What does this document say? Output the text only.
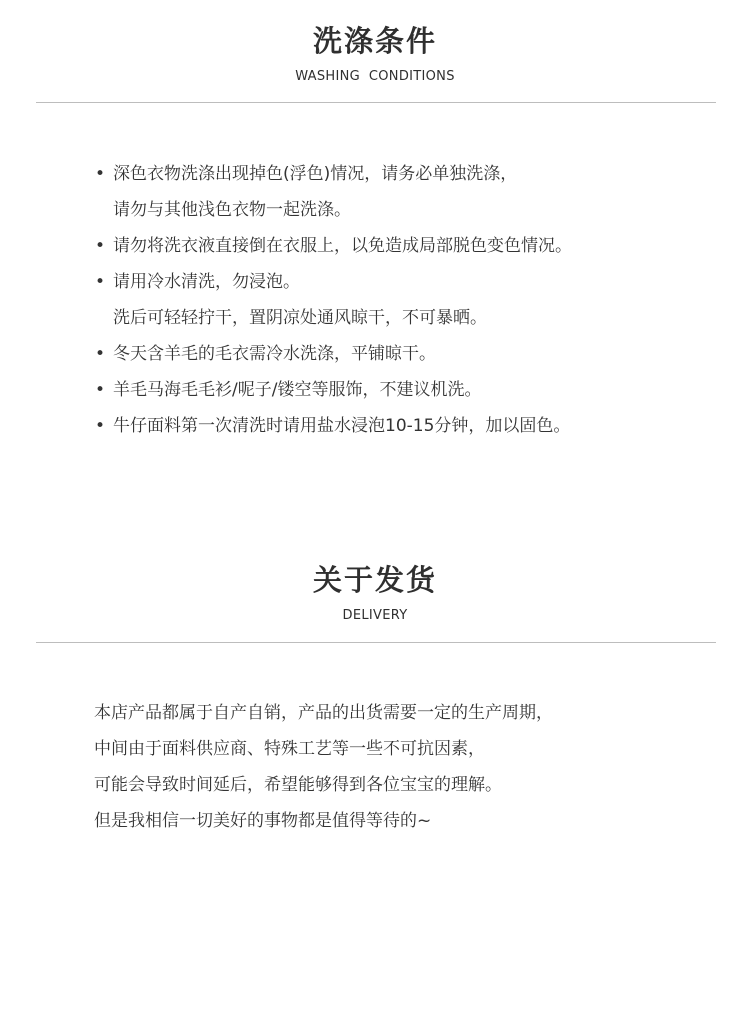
洗涤条件
WASHING  CONDITIONS
• 深色衣物洗涤出现掉色(浮色)情况，请务必单独洗涤，
请勿与其他浅色衣物一起洗涤。
• 请勿将洗衣液直接倒在衣服上，以免造成局部脱色变色情况。
• 请用冷水清洗，勿浸泡。
洗后可轻轻拧干，置阴凉处通风晾干，不可暴晒。
• 冬天含羊毛的毛衣需冷水洗涤，平铺晾干。
• 羊毛马海毛毛衫/呢子/镂空等服饰，不建议机洗。
• 牛仔面料第一次清洗时请用盐水浸泡10-15分钟，加以固色。
关于发货
DELIVERY
本店产品都属于自产自销，产品的出货需要一定的生产周期，
中间由于面料供应商、特殊工艺等一些不可抗因素，
可能会导致时间延后，希望能够得到各位宝宝的理解。
但是我相信一切美好的事物都是值得等待的~
